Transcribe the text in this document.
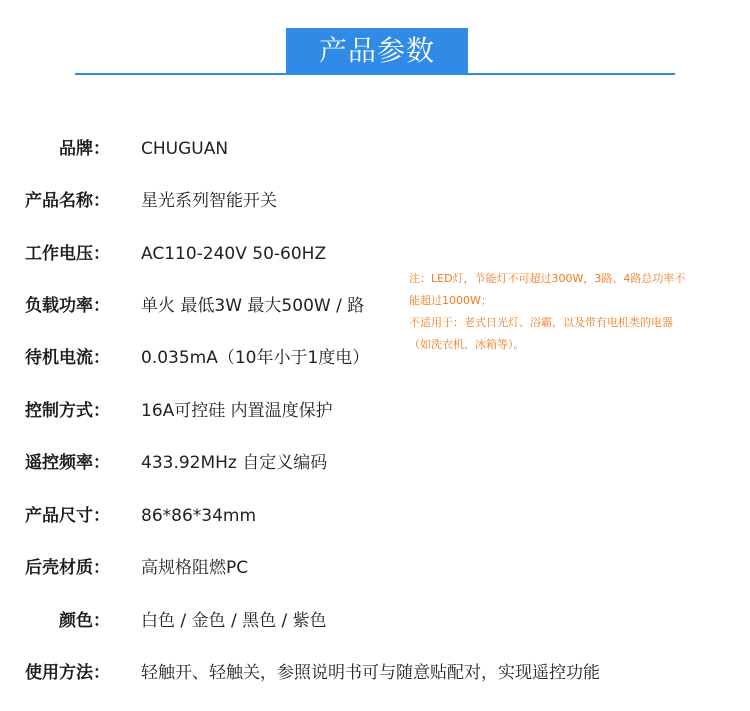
产品参数
品牌： CHUGUAN
产品名称： 星光系列智能开关
工作电压： AC110-240V 50-60HZ
负载功率： 单火 最低3W 最大500W / 路
待机电流： 0.035mA（10年小于1度电）
控制方式： 16A可控硅 内置温度保护
遥控频率： 433.92MHz 自定义编码
产品尺寸： 86*86*34mm
后壳材质： 高规格阻燃PC
颜色： 白色 / 金色 / 黑色 / 紫色
使用方法： 轻触开、轻触关，参照说明书可与随意贴配对，实现遥控功能
注：LED灯，节能灯不可超过300W，3路、4路总功率不
能超过1000W；
不适用于：老式日光灯、浴霸，以及带有电机类的电器
（如洗衣机、冰箱等）。
